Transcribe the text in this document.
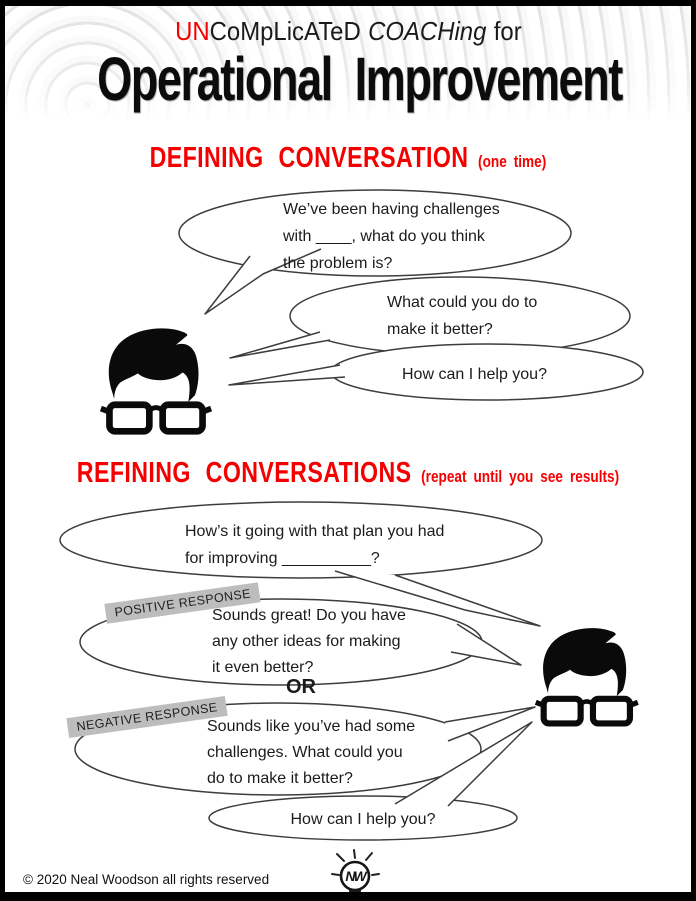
UNCoMpLicATeD COACHing for
Operational Improvement
DEFINING CONVERSATION (one time)
REFINING CONVERSATIONS (repeat until you see results)
NW
We’ve been having challenges
with ____, what do you think
the problem is?
What could you do to
make it better?
How can I help you?
How’s it going with that plan you had
for improving __________?
Sounds great! Do you have
any other ideas for making
it even better?
Sounds like you’ve had some
challenges. What could you
do to make it better?
How can I help you?
POSITIVE RESPONSE
NEGATIVE RESPONSE
OR
© 2020 Neal Woodson all rights reserved
